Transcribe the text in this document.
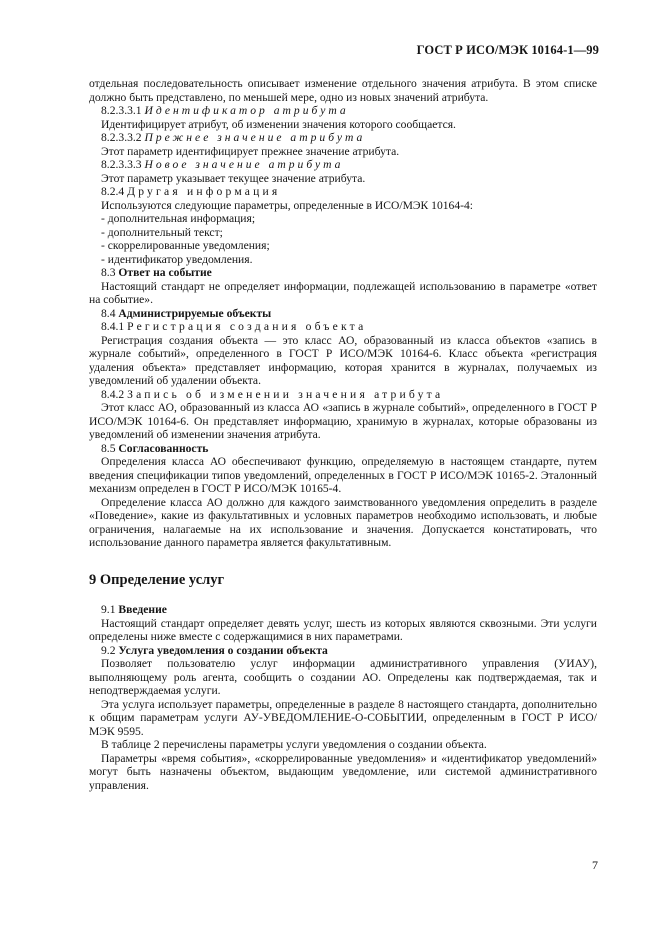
ГОСТ Р ИСО/МЭК 10164-1—99

отдельная последовательность описывает изменение отдельного значения атрибута. В этом списке должно быть представлено, по меньшей мере, одно из новых значений атрибута.

8.2.3.3.1 Идентификатор атрибута

Идентифицирует атрибут, об изменении значения которого сообщается.

8.2.3.3.2 Прежнее значение атрибута

Этот параметр идентифицирует прежнее значение атрибута.

8.2.3.3.3 Новое значение атрибута

Этот параметр указывает текущее значение атрибута.

8.2.4 Другая информация

Используются следующие параметры, определенные в ИСО/МЭК 10164-4:

- дополнительная информация;

- дополнительный текст;

- скоррелированные уведомления;

- идентификатор уведомления.

8.3 Ответ на событие

Настоящий стандарт не определяет информации, подлежащей использованию в параметре «ответ на событие».

8.4 Администрируемые объекты

8.4.1 Регистрация создания объекта

Регистрация создания объекта — это класс АО, образованный из класса объектов «запись в журнале событий», определенного в ГОСТ Р ИСО/МЭК 10164-6. Класс объекта «регистрация удаления объекта» представляет информацию, которая хранится в журналах, получаемых из уведомлений об удалении объекта.

8.4.2 Запись об изменении значения атрибута

Этот класс АО, образованный из класса АО «запись в журнале событий», определенного в ГОСТ Р ИСО/МЭК 10164-6. Он представляет информацию, хранимую в журналах, которые образованы из уведомлений об изменении значения атрибута.

8.5 Согласованность

Определения класса АО обеспечивают функцию, определяемую в настоящем стандарте, путем введения спецификации типов уведомлений, определенных в ГОСТ Р ИСО/МЭК 10165-2. Эталонный механизм определен в ГОСТ Р ИСО/МЭК 10165-4.

Определение класса АО должно для каждого заимствованного уведомления определить в разделе «Поведение», какие из факультативных и условных параметров необходимо использовать, и любые ограничения, налагаемые на их использование и значения. Допускается констатировать, что использование данного параметра является факультативным.

9 Определение услуг

9.1 Введение

Настоящий стандарт определяет девять услуг, шесть из которых являются сквозными. Эти услуги определены ниже вместе с содержащимися в них параметрами.

9.2 Услуга уведомления о создании объекта

Позволяет пользователю услуг информации административного управления (УИАУ), выполняющему роль агента, сообщить о создании АО. Определены как подтверждаемая, так и неподтверждаемая услуги.

Эта услуга использует параметры, определенные в разделе 8 настоящего стандарта, дополнительно к общим параметрам услуги АУ-УВЕДОМЛЕНИЕ-О-СОБЫТИИ, определенным в ГОСТ Р ИСО/МЭК 9595.

В таблице 2 перечислены параметры услуги уведомления о создании объекта.

Параметры «время события», «скоррелированные уведомления» и «идентификатор уведомлений» могут быть назначены объектом, выдающим уведомление, или системой административного управления.

7
